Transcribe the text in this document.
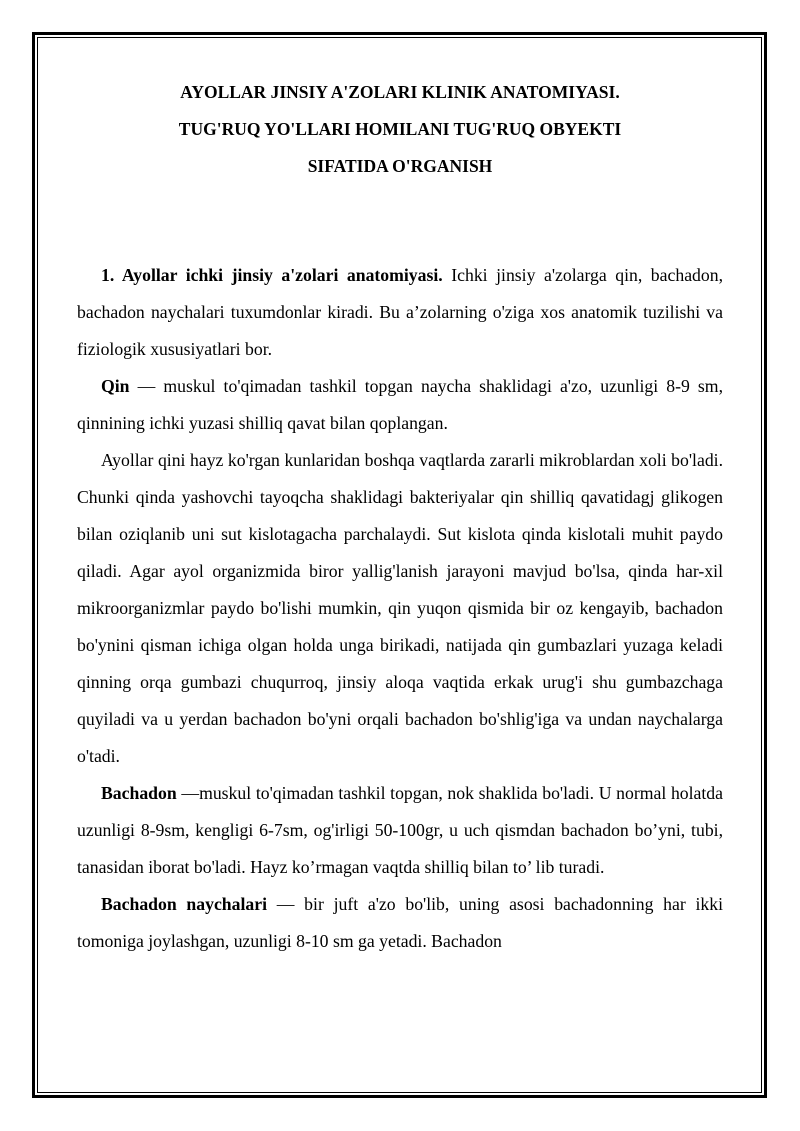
AYOLLAR JINSIY A'ZOLARI KLINIK ANATOMIYASI.
TUG'RUQ YO'LLARI HOMILANI TUG'RUQ OBYEKTI
SIFATIDA O'RGANISH

1. Ayollar ichki jinsiy a'zolari anatomiyasi. Ichki jinsiy a'zolarga qin, bachadon, bachadon naychalari tuxumdonlar kiradi. Bu a’zolarning o'ziga xos anatomik tuzilishi va fiziologik xususiyatlari bor.

Qin — muskul to'qimadan tashkil topgan naycha shaklidagi a'zo, uzunligi 8-9 sm, qinnining ichki yuzasi shilliq qavat bilan qoplangan.

Ayollar qini hayz ko'rgan kunlaridan boshqa vaqtlarda zararli mikroblardan xoli bo'ladi. Chunki qinda yashovchi tayoqcha shaklidagi bakteriyalar qin shilliq qavatidagj glikogen bilan oziqlanib uni sut kislotagacha parchalaydi. Sut kislota qinda kislotali muhit paydo qiladi. Agar ayol organizmida biror yallig'lanish jarayoni mavjud bo'lsa, qinda har-xil mikroorganizmlar paydo bo'lishi mumkin, qin yuqon qismida bir oz kengayib, bachadon bo'ynini qisman ichiga olgan holda unga birikadi, natijada qin gumbazlari yuzaga keladi qinning orqa gumbazi chuqurroq, jinsiy aloqa vaqtida erkak urug'i shu gumbazchaga quyiladi va u yerdan bachadon bo'yni orqali bachadon bo'shlig'iga va undan naychalarga o'tadi.

Bachadon —muskul to'qimadan tashkil topgan, nok shaklida bo'ladi. U normal holatda uzunligi 8-9sm, kengligi 6-7sm, og'irligi 50-100gr, u uch qismdan bachadon bo’yni, tubi, tanasidan iborat bo'ladi. Hayz ko’rmagan vaqtda shilliq bilan to’ lib turadi.

Bachadon naychalari — bir juft a'zo bo'lib, uning asosi bachadonning har ikki tomoniga joylashgan, uzunligi 8-10 sm ga yetadi. Bachadon
